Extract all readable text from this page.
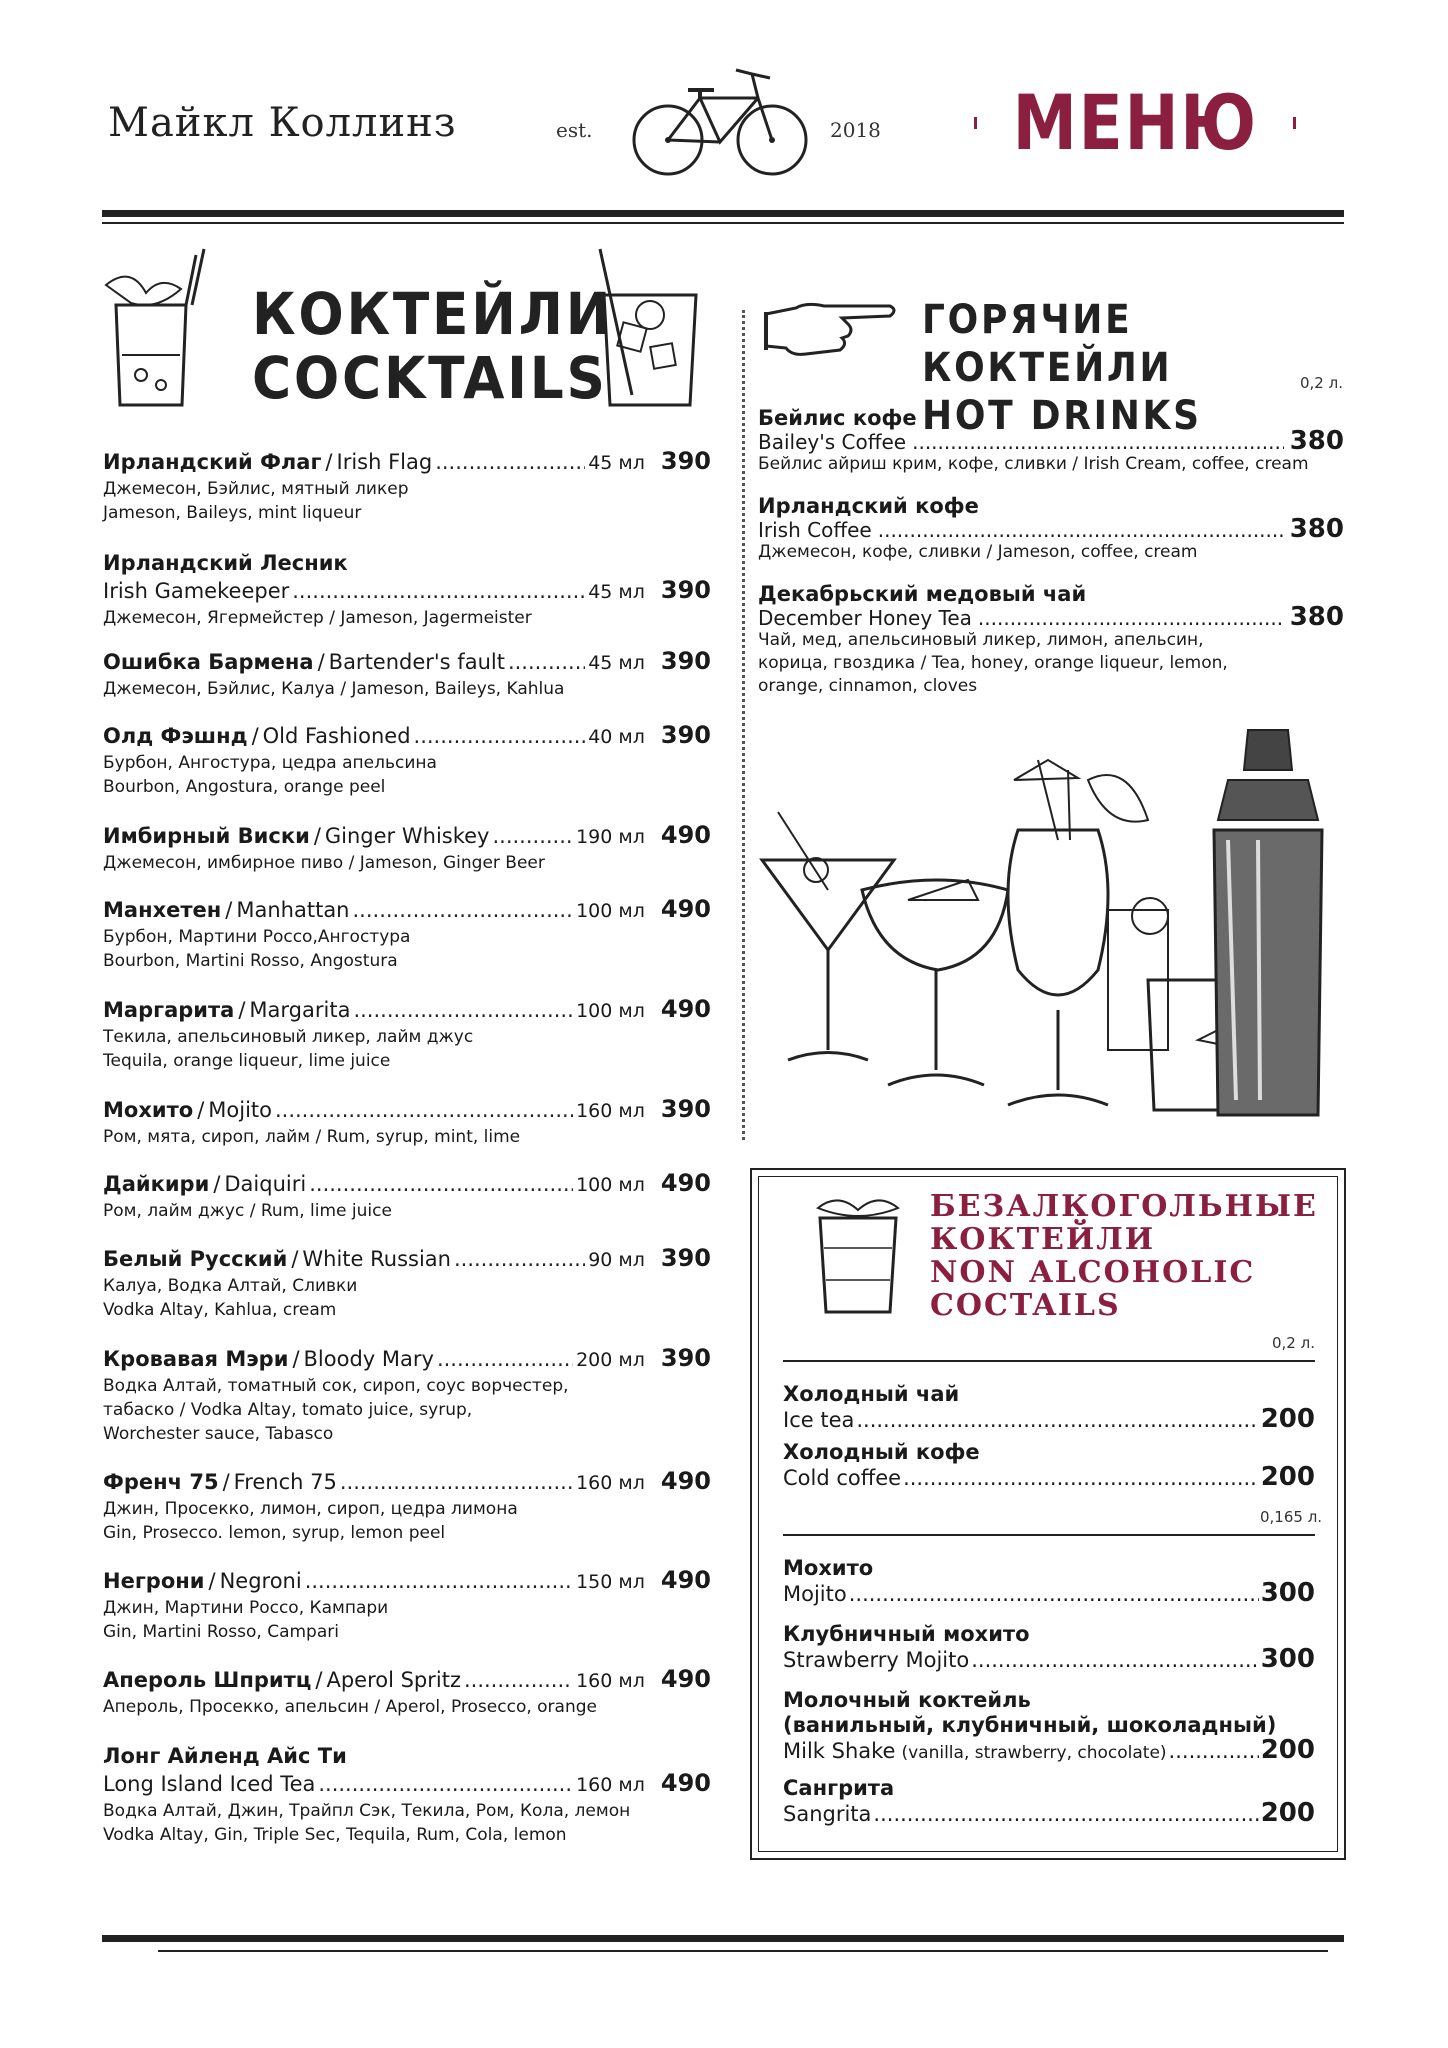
Майкл Коллинз	est.	2018 МЕНЮ
КОКТЕЙЛИ
COCKTAILS
Ирландский Флаг / Irish Flag .....	45 мл 390
Джемесон, Бэйлис, мятный ликер
Jameson, Baileys, mint liqueur
Ирландский Лесник
Irish Gamekeeper .....	45 мл 390
Джемесон, Ягермейстер / Jameson, Jagermeister
Ошибка Бармена / Bartender's fault .....	45 мл 390
Джемесон, Бэйлис, Калуа / Jameson, Baileys, Kahlua
Олд Фэшнд / Old Fashioned .....	40 мл 390
Бурбон, Ангостура, цедра апельсина
Bourbon, Angostura, orange peel
Имбирный Виски / Ginger Whiskey .....	190 мл 490
Джемесон, имбирное пиво / Jameson, Ginger Beer
Манхетен / Manhattan .....	100 мл 490
Бурбон, Мартини Россо,Ангостура
Bourbon, Martini Rosso, Angostura
Маргарита / Margarita .....	100 мл 490
Текила, апельсиновый ликер, лайм джус
Tequila, orange liqueur, lime juice
Мохито / Mojito .....	160 мл 390
Ром, мята, сироп, лайм / Rum, syrup, mint, lime
Дайкири / Daiquiri .....	100 мл 490
Ром, лайм джус / Rum, lime juice
Белый Русский / White Russian .....	90 мл 390
Калуа, Водка Алтай, Сливки
Vodka Altay, Kahlua, cream
Кровавая Мэри / Bloody Mary .....	200 мл 390
Водка Алтай, томатный сок, сироп, соус ворчестер,
табаско / Vodka Altay, tomato juice, syrup,
Worchester sauce, Tabasco
Френч 75 / French 75 .....	160 мл 490
Джин, Просекко, лимон, сироп, цедра лимона
Gin, Prosecco. lemon, syrup, lemon peel
Негрони / Negroni .....	150 мл 490
Джин, Мартини Россо, Кампари
Gin, Martini Rosso, Campari
Апероль Шпритц / Aperol Spritz .....	160 мл 490
Апероль, Просекко, апельсин / Aperol, Prosecco, orange
Лонг Айленд Айс Ти
Long Island Iced Tea .....	160 мл 490
Водка Алтай, Джин, Трайпл Сэк, Текила, Ром, Кола, лемон
Vodka Altay, Gin, Triple Sec, Tequila, Rum, Cola, lemon
ГОРЯЧИЕ КОКТЕЙЛИ
HOT DRINKS
0,2 л.
Бейлис кофе
Bailey's Coffee .....	380
Бейлис айриш крим, кофе, сливки / Irish Cream, coffee, cream
Ирландский кофе
Irish Coffee .....	380
Джемесон, кофе, сливки / Jameson, coffee, cream
Декабрьский медовый чай
December Honey Tea .....	380
Чай, мед, апельсиновый ликер, лимон, апельсин,
корица, гвоздика / Tea, honey, orange liqueur, lemon,
orange, cinnamon, cloves
БЕЗАЛКОГОЛЬНЫЕ
КОКТЕЙЛИ
NON ALCOHOLIC
COCTAILS
0,2 л.
0,165 л.
Холодный чай
Ice tea .....	200
Холодный кофе
Cold coffee .....	200
Мохито
Mojito .....	300
Клубничный мохито
Strawberry Mojito .....	300
Молочный коктейль
(ванильный, клубничный, шоколадный)
Milk Shake (vanilla, strawberry, chocolate) .....	200
Сангрита
Sangrita .....	200
